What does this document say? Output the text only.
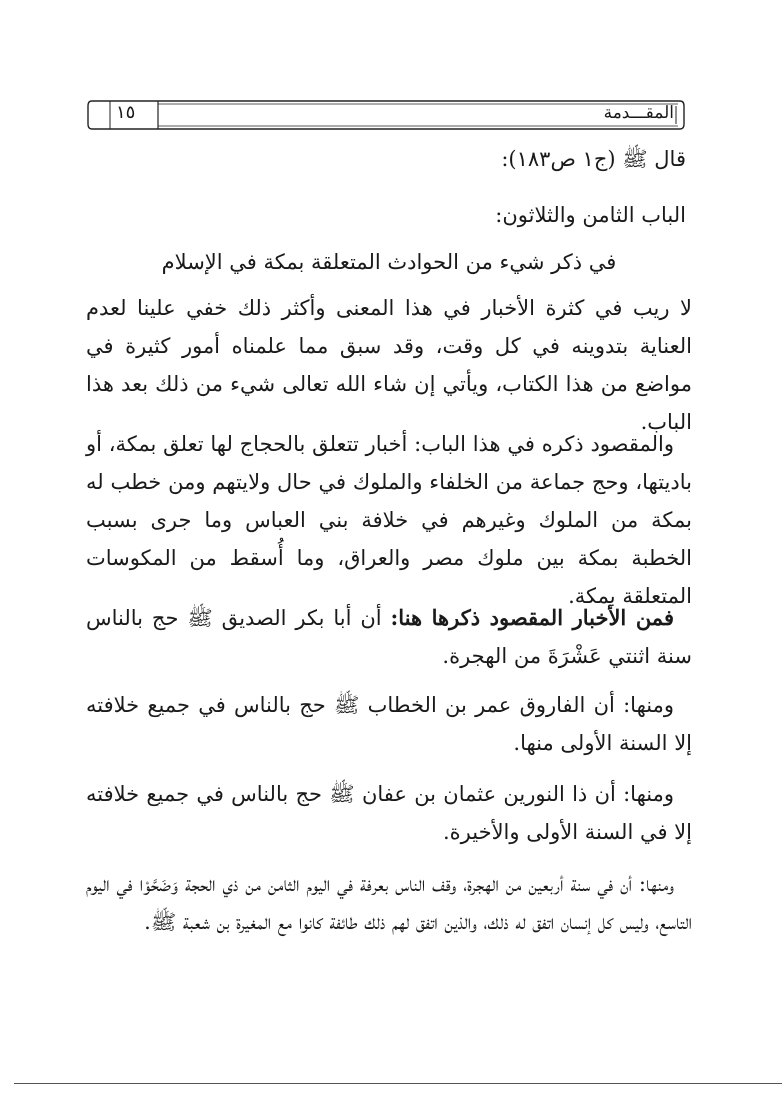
المقـــدمة
١٥
قال ﷺ (ج١ ص١٨٣):
الباب الثامن والثلاثون:
في ذكر شيء من الحوادث المتعلقة بمكة في الإسلام
لا ريب في كثرة الأخبار في هذا المعنى وأكثر ذلك خفي علينا لعدم العناية بتدوينه في كل وقت، وقد سبق مما علمناه أمور كثيرة في مواضع من هذا الكتاب، ويأتي إن شاء الله تعالى شيء من ذلك بعد هذا الباب.
والمقصود ذكره في هذا الباب: أخبار تتعلق بالحجاج لها تعلق بمكة، أو باديتها، وحج جماعة من الخلفاء والملوك في حال ولايتهم ومن خطب له بمكة من الملوك وغيرهم في خلافة بني العباس وما جرى بسبب الخطبة بمكة بين ملوك مصر والعراق، وما أُسقط من المكوسات المتعلقة بمكة.
فمن الأخبار المقصود ذكرها هنا: أن أبا بكر الصديق ﷺ حج بالناس سنة اثنتي عَشْرَةَ من الهجرة.
ومنها: أن الفاروق عمر بن الخطاب ﷺ حج بالناس في جميع خلافته إلا السنة الأولى منها.
ومنها: أن ذا النورين عثمان بن عفان ﷺ حج بالناس في جميع خلافته إلا في السنة الأولى والأخيرة.
ومنها: أن في سنة أربعين من الهجرة، وقف الناس بعرفة في اليوم الثامن من ذي الحجة وَضَحَّوْا في اليوم التاسع، وليس كل إنسان اتفق له ذلك، والذين اتفق لهم ذلك طائفة كانوا مع المغيرة بن شعبة ﷺ.
